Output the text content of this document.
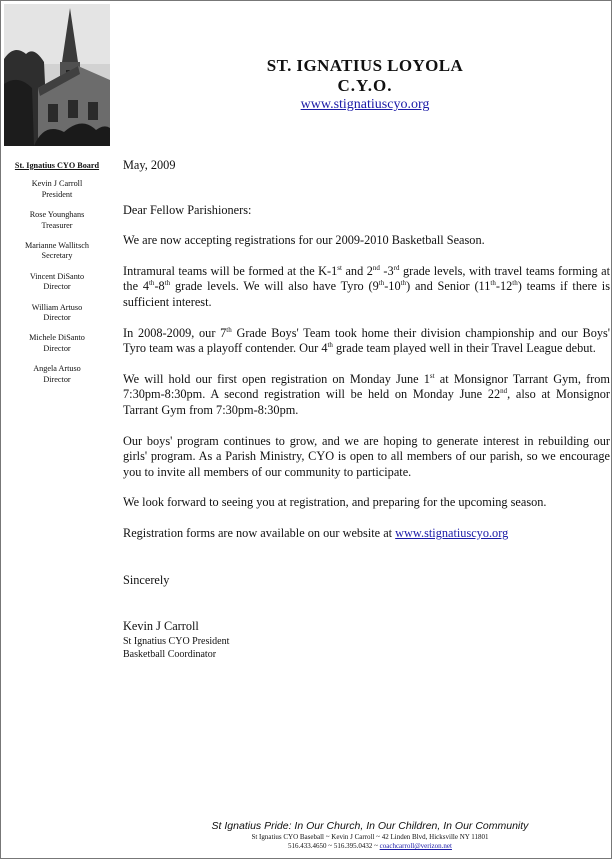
ST. IGNATIUS LOYOLA
C.Y.O.
www.stignatiuscyo.org
St. Ignatius CYO Board
Kevin J Carroll
President
Rose Younghans
Treasurer
Marianne Wallitsch
Secretary
Vincent DiSanto
Director
William Artuso
Director
Michele DiSanto
Director
Angela Artuso
Director

May, 2009

Dear Fellow Parishioners:

We are now accepting registrations for our 2009-2010 Basketball Season.

Intramural teams will be formed at the K-1st and 2nd -3rd grade levels, with travel teams forming at the 4th-8th grade levels. We will also have Tyro (9th-10th) and Senior (11th-12th) teams if there is sufficient interest.

In 2008-2009, our 7th Grade Boys' Team took home their division championship and our Boys' Tyro team was a playoff contender. Our 4th grade team played well in their Travel League debut.

We will hold our first open registration on Monday June 1st at Monsignor Tarrant Gym, from 7:30pm-8:30pm. A second registration will be held on Monday June 22nd, also at Monsignor Tarrant Gym from 7:30pm-8:30pm.

Our boys' program continues to grow, and we are hoping to generate interest in rebuilding our girls' program. As a Parish Ministry, CYO is open to all members of our parish, so we encourage you to invite all members of our community to participate.

We look forward to seeing you at registration, and preparing for the upcoming season.

Registration forms are now available on our website at www.stignatiuscyo.org

Sincerely

Kevin J Carroll

St Ignatius CYO President

Basketball Coordinator

St Ignatius Pride: In Our Church, In Our Children, In Our Community
St Ignatius CYO Baseball ~ Kevin J Carroll ~ 42 Linden Blvd, Hicksville NY 11801
516.433.4650 ~ 516.395.0432 ~ coachcarroll@verizon.net
